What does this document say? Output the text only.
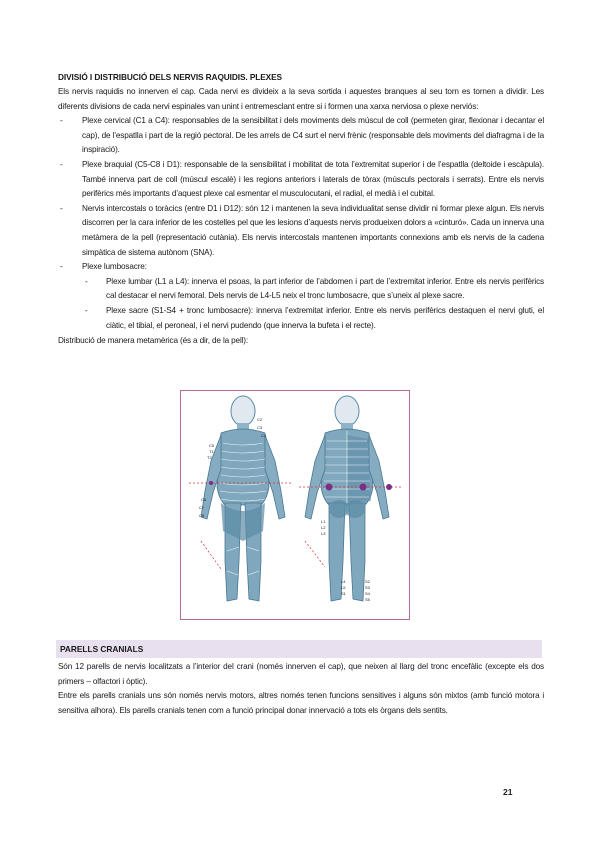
DIVISIÓ I DISTRIBUCIÓ DELS NERVIS RAQUIDIS. PLEXES

Els nervis raquidis no innerven el cap. Cada nervi es divideix a la seva sortida i aquestes branques al seu torn es tornen a dividir. Les diferents divisions de cada nervi espinales van unint i entremesclant entre si i formen una xarxa nerviosa o plexe nerviós:

- Plexe cervical (C1 a C4): responsables de la sensibilitat i dels moviments dels múscul de coll (permeten girar, flexionar i decantar el cap), de l’espatlla i part de la regió pectoral. De les arrels de C4 surt el nervi frènic (responsable dels moviments del diafragma i de la inspiració).
- Plexe braquial (C5-C8 i D1): responsable de la sensibilitat i mobilitat de tota l’extremitat superior i de l’espatlla (deltoide i escàpula). També innerva part de coll (múscul escalè) i les regions anteriors i laterals de tòrax (músculs pectorals i serrats). Entre els nervis perifèrics més importants d’aquest plexe cal esmentar el musculocutani, el radial, el medià i el cubital.
- Nervis intercostals o toràcics (entre D1 i D12): són 12 i mantenen la seva individualitat sense dividir ni formar plexe algun. Els nervis discorren per la cara inferior de les costelles pel que les lesions d’aquests nervis produeixen dolors a «cinturó». Cada un innerva una metàmera de la pell (representació cutània). Els nervis intercostals mantenen importants connexions amb els nervis de la cadena simpàtica de sistema autònom (SNA).
- Plexe lumbosacre:
- Plexe lumbar (L1 a L4): innerva el psoas, la part inferior de l’abdomen i part de l’extremitat inferior. Entre els nervis perifèrics cal destacar el nervi femoral. Dels nervis de L4-L5 neix el tronc lumbosacre, que s’uneix al plexe sacre.
- Plexe sacre (S1-S4 + tronc lumbosacre): innerva l’extremitat inferior. Entre els nervis perifèrics destaquen el nervi gluti, el ciàtic, el tibial, el peroneal, i el nervi pudendo (que innerva la bufeta i el recte).

Distribució de manera metamèrica (és a dir, de la pell):

C2
C3
C4
C5
T1
T2
C6
C7
C8
L1
L2
L3
L4
L5
S1
S2
S3
S4
S5
PARELLS CRANIALS

Són 12 parells de nervis localitzats a l’interior del crani (només innerven el cap), que neixen al llarg del tronc encefàlic (excepte els dos primers – olfactori i òptic).

Entre els parells cranials uns són només nervis motors, altres només tenen funcions sensitives i alguns són mixtos (amb funció motora i sensitiva alhora). Els parells cranials tenen com a funció principal donar innervació a tots els òrgans dels sentits.

21
